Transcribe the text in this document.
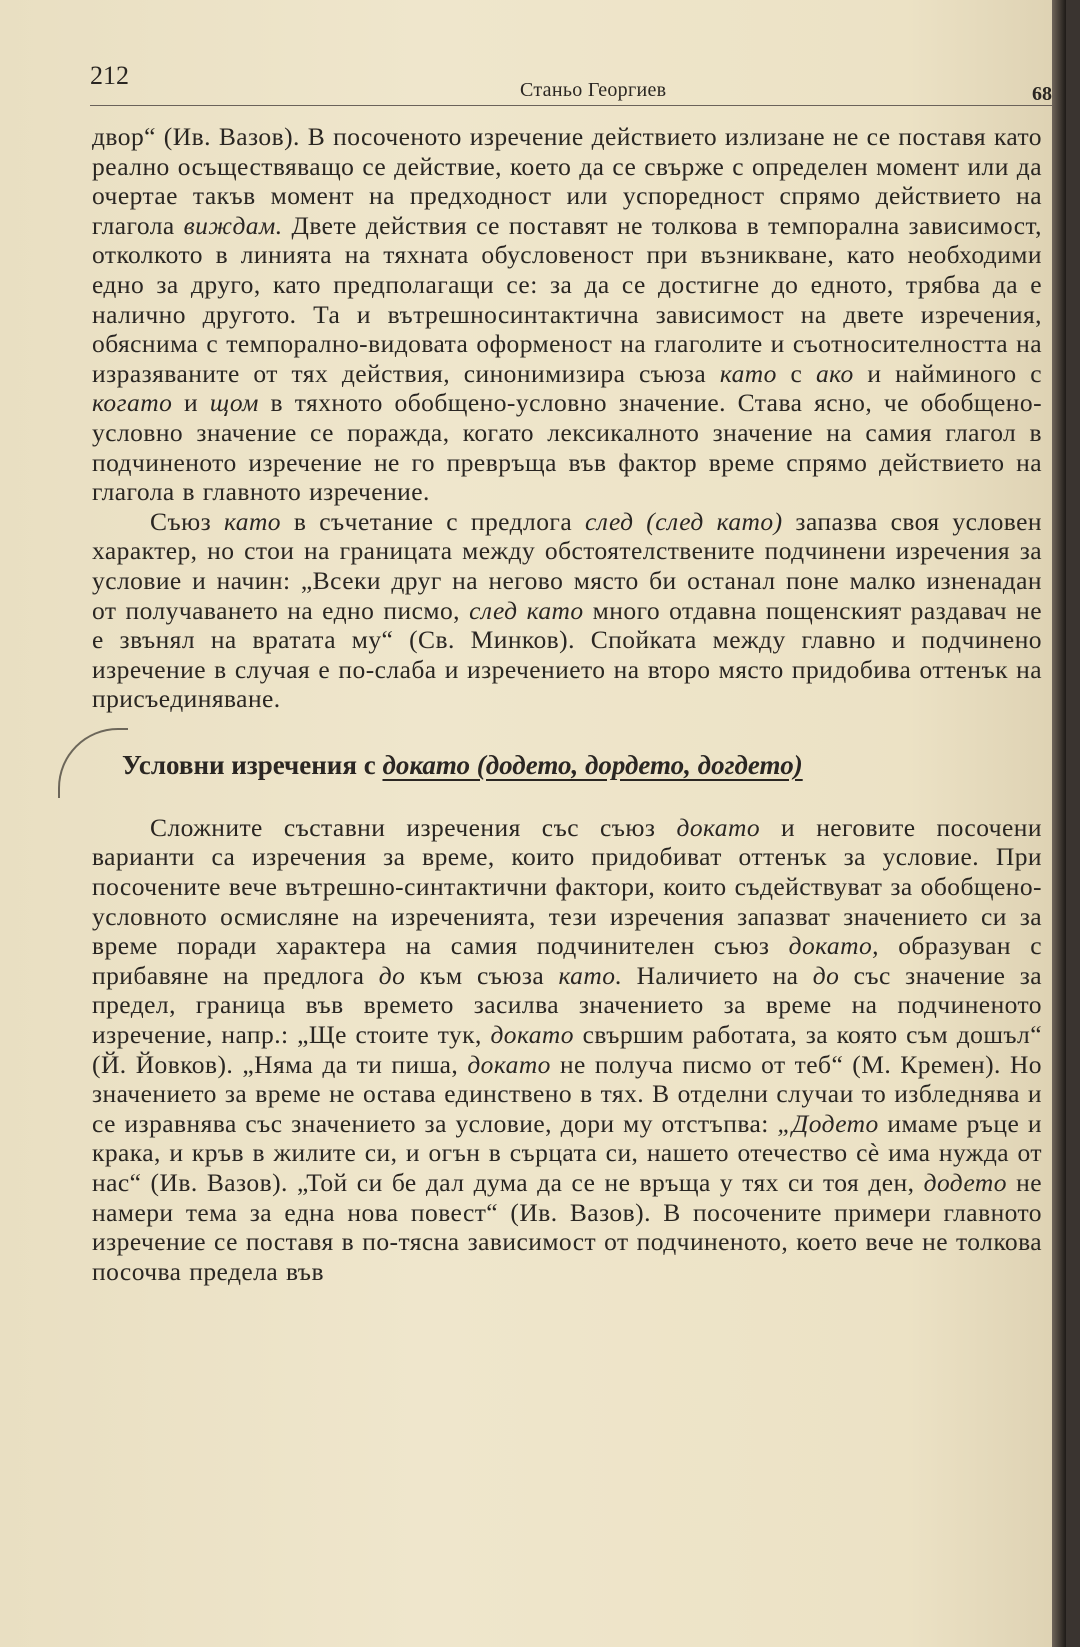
212	Станьо Георгиев	68

двор“ (Ив. Вазов). В посоченото изречение действието излизане не се поставя като реално осъществяващо се действие, което да се свърже с определен момент или да очертае такъв момент на предходност или успоредност спрямо действието на глагола виждам. Двете действия се поставят не толкова в темпорална зависимост, отколкото в линията на тяхната обусловеност при възникване, като необходими едно за друго, като предполагащи се: за да се достигне до едното, трябва да е налично другото. Та и вътрешносинтактична зависимост на двете изречения, обяснима с темпорално-видовата оформеност на глаголите и съотносителността на изразяваните от тях действия, синонимизира съюза като с ако и найминого с когато и щом в тяхното обобщено-условно значение. Става ясно, че обобщено-условно значение се поражда, когато лексикалното значение на самия глагол в подчиненото изречение не го превръща във фактор време спрямо действието на глагола в главното изречение.

Съюз като в съчетание с предлога след (след като) запазва своя условен характер, но стои на границата между обстоятелствените подчинени изречения за условие и начин: „Всеки друг на негово място би останал поне малко изненадан от получаването на едно писмо, след като много отдавна пощенският раздавач не е звънял на вратата му“ (Св. Минков). Спойката между главно и подчинено изречение в случая е по-слаба и изречението на второ място придобива оттенък на присъединяване.

Условни изречения с докато (додето, дордето, догдето)

Сложните съставни изречения със съюз докато и неговите посочени варианти са изречения за време, които придобиват оттенък за условие. При посочените вече вътрешно-синтактични фактори, които съдействуват за обобщено-условното осмисляне на изреченията, тези изречения запазват значението си за време поради характера на самия подчинителен съюз докато, образуван с прибавяне на предлога до към съюза като. Наличието на до със значение за предел, граница във времето засилва значението за време на подчиненото изречение, напр.: „Ще стоите тук, докато свършим работата, за която съм дошъл“ (Й. Йовков). „Няма да ти пиша, докато не получа писмо от теб“ (М. Кремен). Но значението за време не остава единствено в тях. В отделни случаи то избледнява и се изравнява със значението за условие, дори му отстъпва: „Додето имаме ръце и крака, и кръв в жилите си, и огън в сърцата си, нашето отечество сѐ има нужда от нас“ (Ив. Вазов). „Той си бе дал дума да се не връща у тях си тоя ден, додето не намери тема за една нова повест“ (Ив. Вазов). В посочените примери главното изречение се поставя в по-тясна зависимост от подчиненото, което вече не толкова посочва предела във
